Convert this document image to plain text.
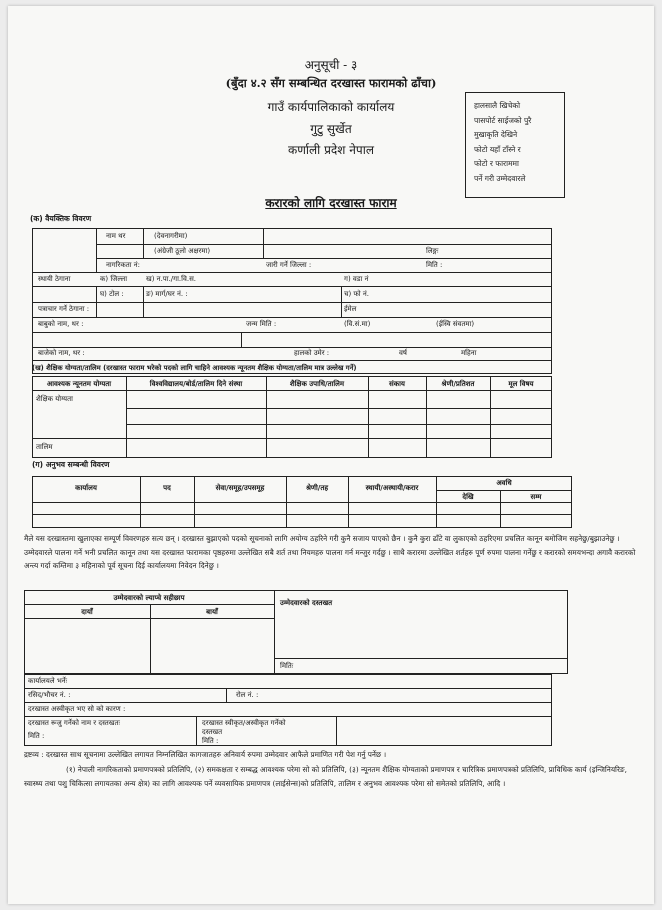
अनुसूची - ३
(बुँदा ४.२ सँग सम्बन्धित दरखास्त फारामको ढाँचा)
गाउँ कार्यपालिकाको कार्यालय
गुटु सुर्खेत
कर्णाली प्रदेश नेपाल
हालसालै खिचेको
पासपोर्ट साईजको पुरै
मुखाकृति देखिने
फोटो यहाँ टाँस्ने र
फोटो र फाराममा
पर्ने गरी उम्मेदवारले
करारको लागि दरखास्त फाराम
(क) वैयक्तिक विवरण
नाम थर	(देवनागरीमा)
(अंग्रेजी ठूलो अक्षरमा)	लिङ्गः
नागरिकता नं:	जारी गर्ने जिल्ला :	मिति :
स्थायी ठेगाना	क) जिल्ला	ख) न.पा./गा.वि.स.	ग) वडा नं
घ) टोल :	ङ) मार्ग/घर नं. :	च) फो नं.
पत्राचार गर्ने ठेगाना :	ईमेल
बाबुको नाम, थर :	जन्म मिति :	(वि.सं.मा)	(ईस्वि संवतमा)
बाजेको नाम, थर :	हालको उमेर :	वर्ष	महिना
(ख) शैक्षिक योग्यता/तालिम (दरखास्त फाराम भरेको पदको लागि चाहिने आवश्यक न्यूनतम शैक्षिक योग्यता/तालिम मात्र उल्लेख गर्ने)
आवश्यक न्यूनतम योग्यता	विश्वविद्यालय/बोर्ड/तालिम दिने संस्था	शैक्षिक उपाधि/तालिम	संकाय	श्रेणी/प्रतिशत	मूल विषय
शैक्षिक योग्यता
तालिम
(ग) अनुभव सम्बन्धी विवरण
कार्यालय	पद	सेवा/समूह/उपसमूह	श्रेणी/तह	स्थायी/अस्थायी/करार
अवधि
देखि	सम्म
मैले यस दरखास्तमा खुलाएका सम्पूर्ण विवरणहरु सत्य छन् । दरखास्त बुझाएको पदको सूचनाको लागि अयोग्य ठहरिने गरी कुनै सजाय पाएको छैन । कुनै कुरा ढाँटे वा लुकाएको ठहरिएमा प्रचलित कानून बमोजिम सहनेछु/बुझाउनेछु । उम्मेदवारले पालना गर्ने भनी प्रचलित कानून तथा यस दरखास्त फारामका पृष्ठहरुमा उल्लेखित सबै शर्त तथा नियमहरु पालना गर्न मन्जुर गर्दछु । साथै करारमा उल्लेखित शर्तहरु पूर्ण रुपमा पालना गर्नेछु र करारको समयभन्दा अगावै करारको अन्त्य गर्दा कम्तिमा ३ महिनाको पूर्व सूचना दिई कार्यालयमा निवेदन दिनेछु ।
उम्मेदवारको ल्याप्चे सहीछाप
दायाँ	बायाँ
उम्मेदवारको दस्तखत
मितिः
कार्यालयले भर्नेः
रसिद/भौचर नं. :	रोल नं. :
दरखास्त अस्वीकृत भए सो को कारण :
दरखास्त रूजु गर्नेको नाम र दस्तखतः
मिति :
दरखास्त स्वीकृत/अस्वीकृत गर्नेको
दस्तखत
मिति :
द्रष्टव्य : दरखास्त साथ सूचनामा उल्लेखित लगायत निम्नलिखित कागजातहरु अनिवार्य रुपमा उम्मेदवार आफैले प्रमाणित गरी पेश गर्नु पर्नेछ ।
(१) नेपाली नागरिकताको प्रमाणपत्रको प्रतिलिपि, (२) समकक्षता र सम्बद्ध आवश्यक परेमा सो को प्रतिलिपि, (३) न्यूनतम शैक्षिक योग्यताको प्रमाणपत्र र चारित्रिक प्रमाणपत्रको प्रतिलिपि, प्राविधिक कार्य (इन्जिनियरिङ, स्वास्थ्य तथा पशु चिकित्सा लगायतका अन्य क्षेत्र) का लागि आवश्यक पर्ने व्यवसायिक प्रमाणपत्र (लाईसेन्स)को प्रतिलिपि, तालिम र अनुभव आवश्यक परेमा सो समेतको प्रतिलिपि, आदि ।
